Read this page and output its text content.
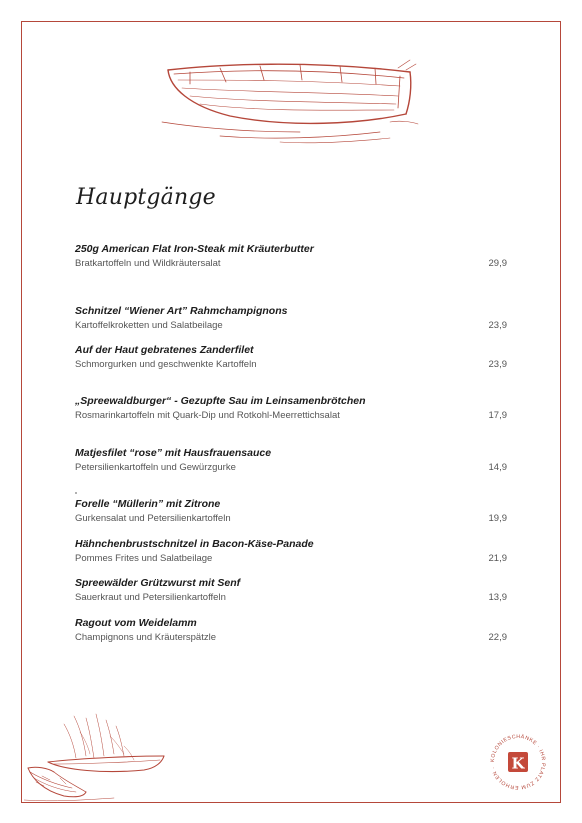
Hauptgänge
250g American Flat Iron-Steak mit Kräuterbutter
Bratkartoffeln und Wildkräutersalat	29,9
Schnitzel “Wiener Art” Rahmchampignons
Kartoffelkroketten und Salatbeilage	23,9
Auf der Haut gebratenes Zanderfilet
Schmorgurken und geschwenkte Kartoffeln	23,9
„Spreewaldburger“ - Gezupfte Sau im Leinsamenbrötchen
Rosmarinkartoffeln mit Quark-Dip und Rotkohl-Meerrettichsalat	17,9
Matjesfilet “rose” mit Hausfrauensauce
Petersilienkartoffeln und Gewürzgurke	14,9
Forelle “Müllerin” mit Zitrone
Gurkensalat und Petersilienkartoffeln	19,9
Hähnchenbrustschnitzel in Bacon-Käse-Panade
Pommes Frites und Salatbeilage	21,9
Spreewälder Grützwurst mit Senf
Sauerkraut und Petersilienkartoffeln	13,9
Ragout vom Weidelamm
Champignons und Kräuterspätzle	22,9
KOLONIESCHÄNKE · IHR PLATZ ZUM ERHOLEN · K
